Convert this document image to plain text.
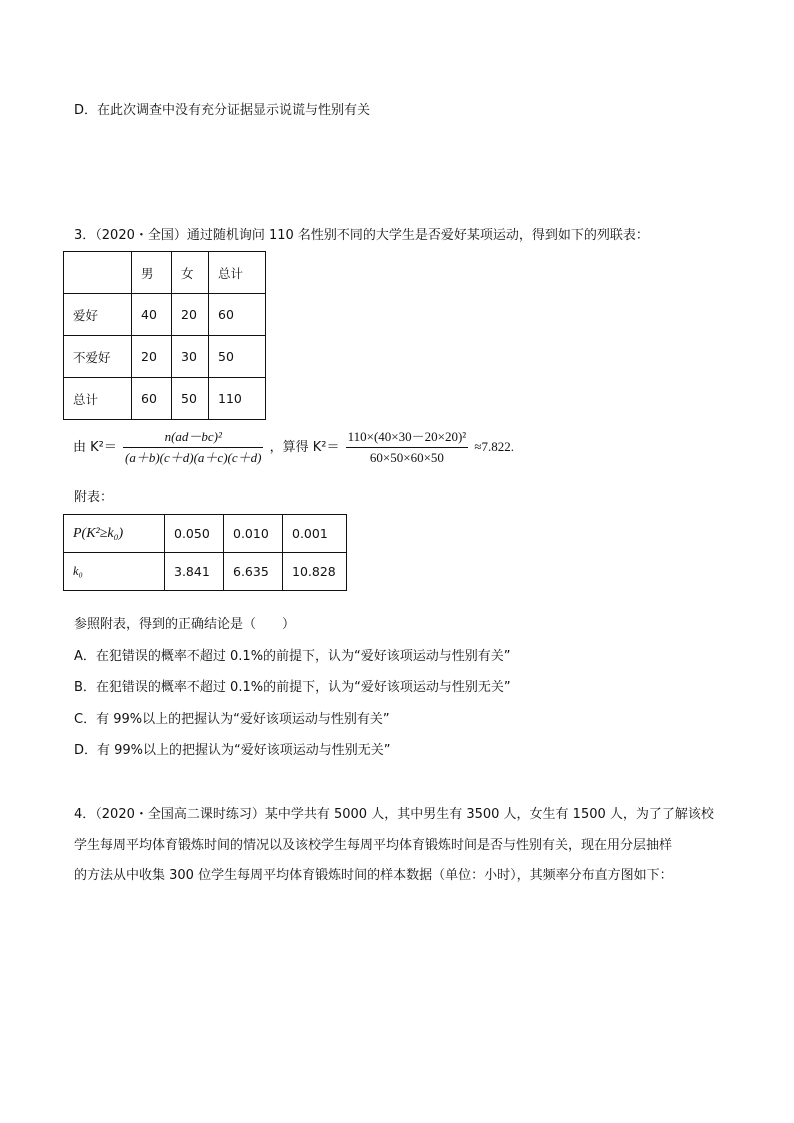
D．在此次调查中没有充分证据显示说谎与性别有关
3．（2020・全国）通过随机询问 110 名性别不同的大学生是否爱好某项运动，得到如下的列联表：
	男	女	总计
爱好	40	20	60
不爱好	20	30	50
总计	60	50	110
由 $K^2= \frac{\text{n(ad－bc)²}}{(a+b)(c+d)(a+c)(c+d)}$ ，算得 $K^2= \frac{\text{110×(40×30－20×20)²}}{60\times 50\times 60\times 50} \approx 7.822$.
附表：
P(K²≥k₀)	0.050	0.010	0.001
k₀	3.841	6.635	10.828
参照附表，得到的正确结论是（　　）
A．在犯错误的概率不超过 0.1%的前提下，认为“爱好该项运动与性别有关”
B．在犯错误的概率不超过 0.1%的前提下，认为“爱好该项运动与性别无关”
C．有 99%以上的把握认为“爱好该项运动与性别有关”
D．有 99%以上的把握认为“爱好该项运动与性别无关”
4．（2020・全国高二课时练习）某中学共有 5000 人，其中男生有 3500 人，女生有 1500 人，为了了解该校
学生每周平均体育锻炼时间的情况以及该校学生每周平均体育锻炼时间是否与性别有关，现在用分层抽样
的方法从中收集 300 位学生每周平均体育锻炼时间的样本数据（单位：小时），其频率分布直方图如下：
